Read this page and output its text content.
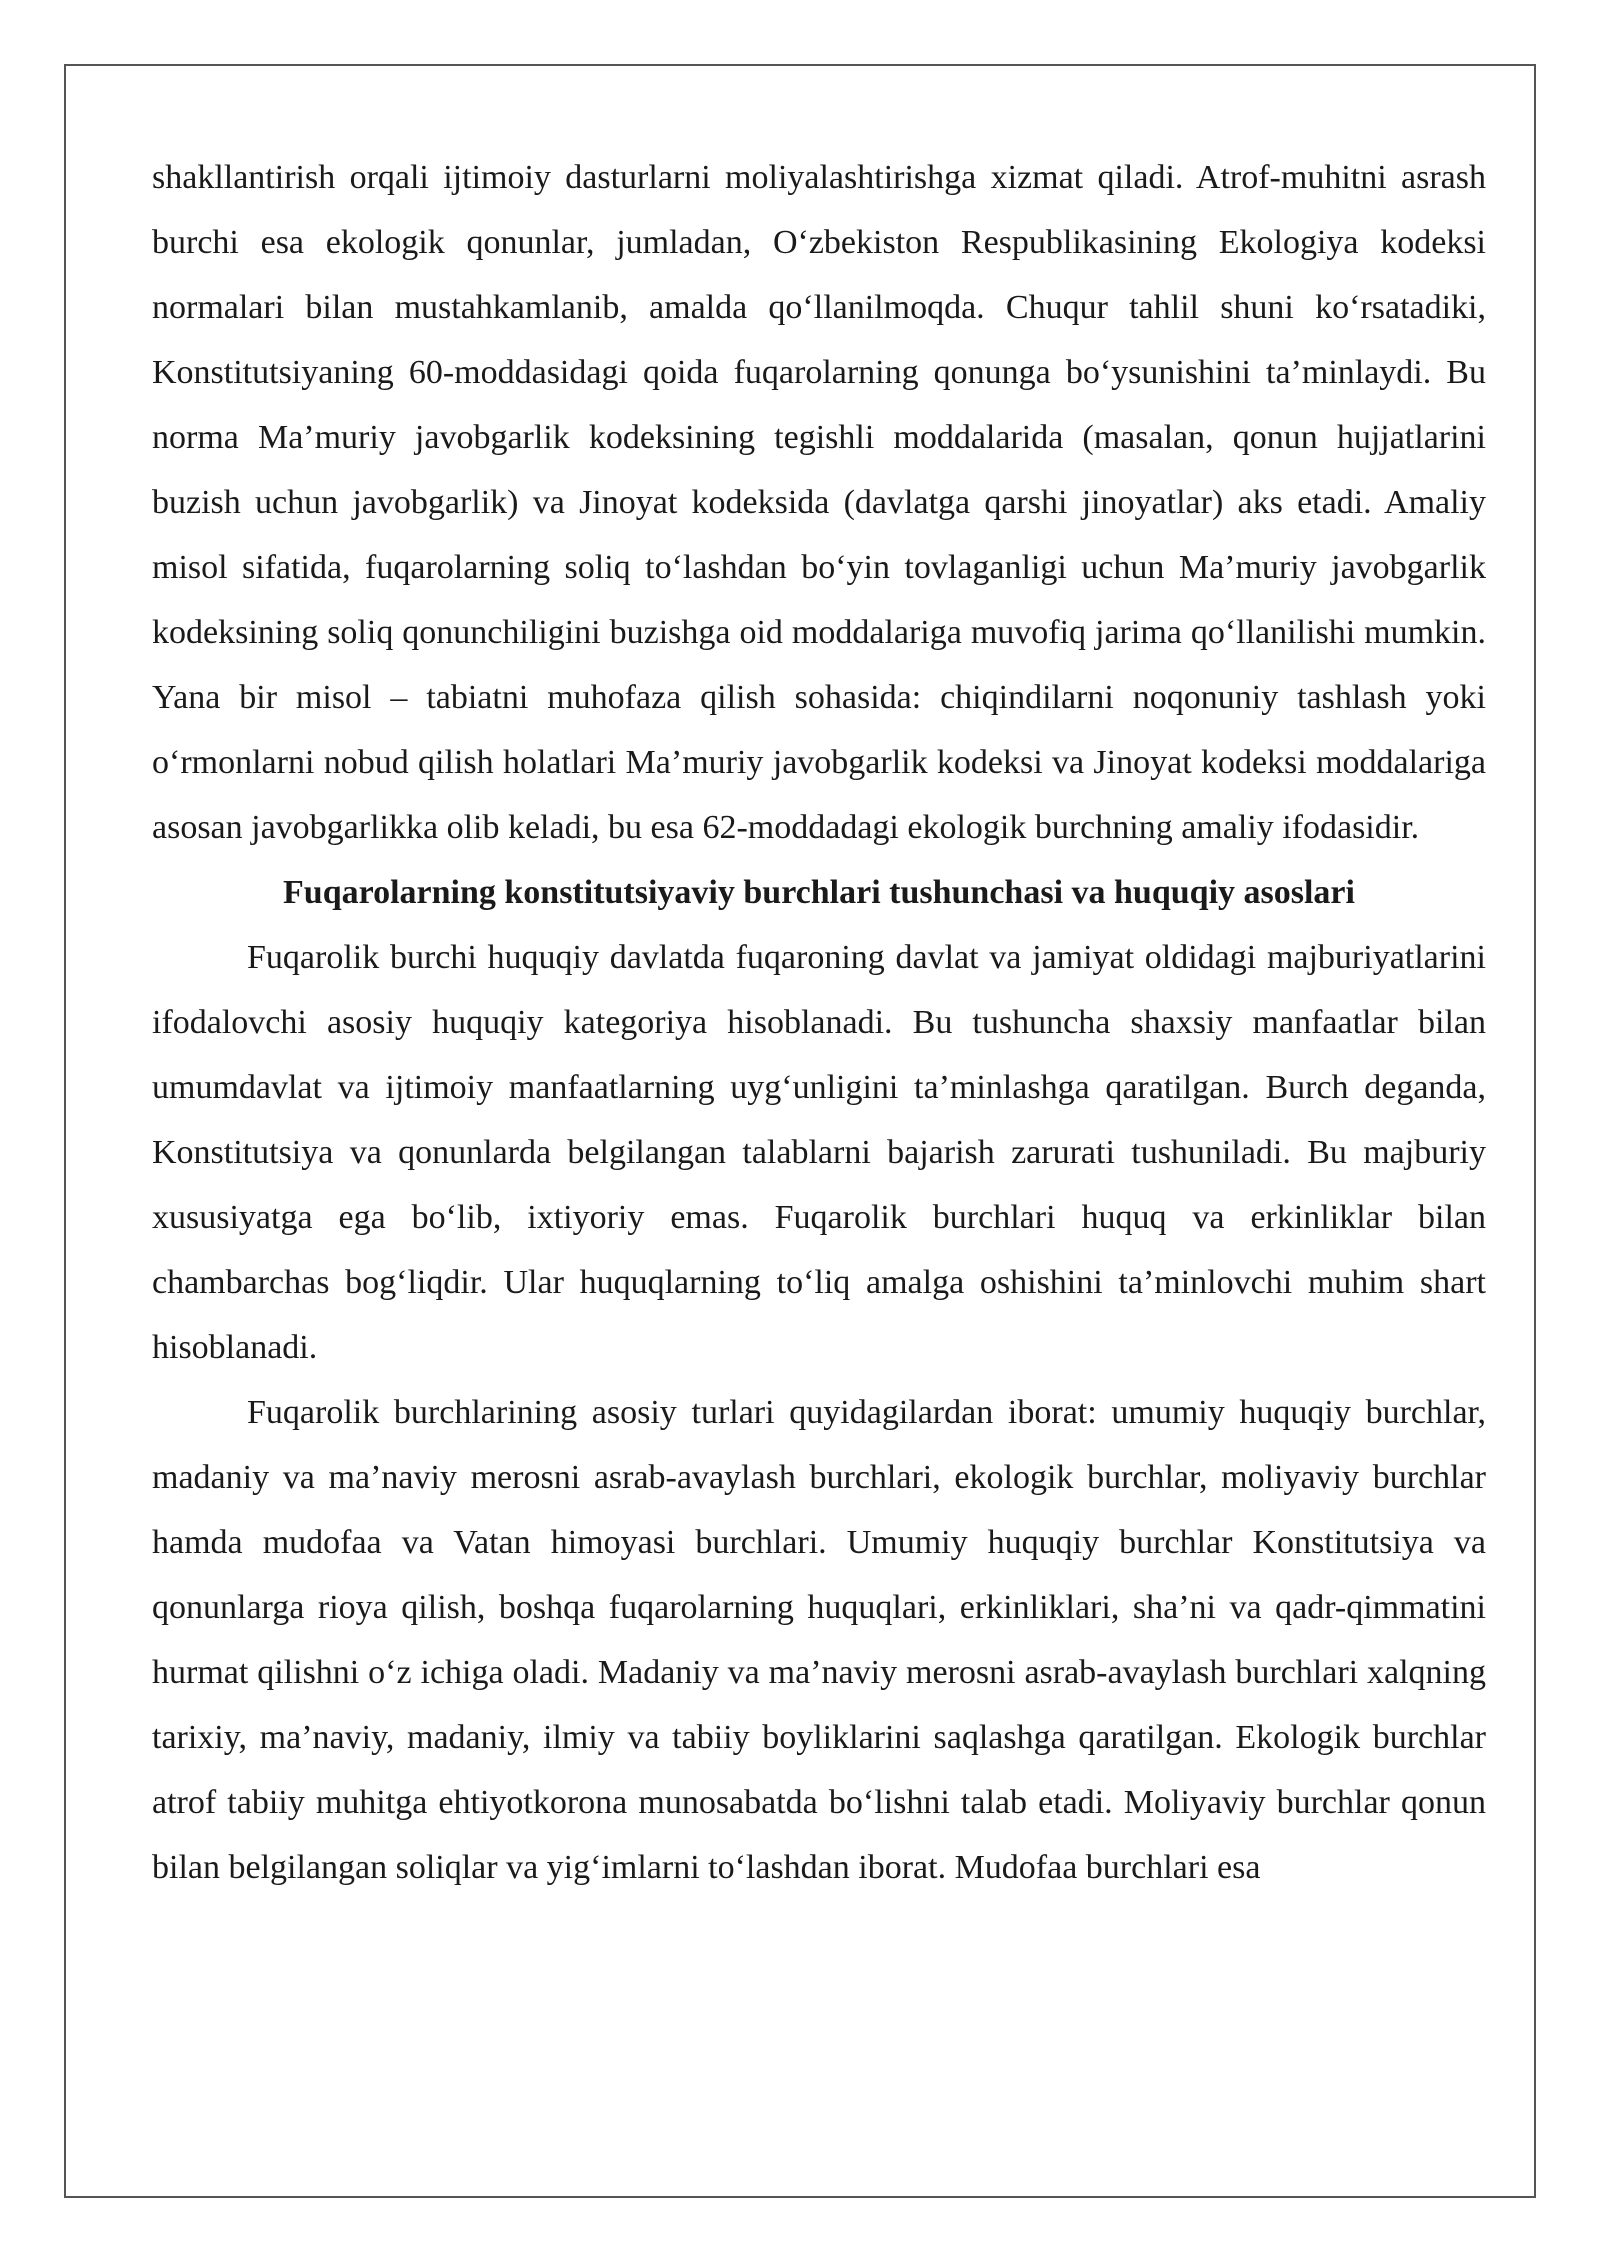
shakllantirish orqali ijtimoiy dasturlarni moliyalashtirishga xizmat qiladi. Atrof-muhitni asrash burchi esa ekologik qonunlar, jumladan, O‘zbekiston Respublikasining Ekologiya kodeksi normalari bilan mustahkamlanib, amalda qo‘llanilmoqda. Chuqur tahlil shuni ko‘rsatadiki, Konstitutsiyaning 60-moddasidagi qoida fuqarolarning qonunga bo‘ysunishini ta’minlaydi. Bu norma Ma’muriy javobgarlik kodeksining tegishli moddalarida (masalan, qonun hujjatlarini buzish uchun javobgarlik) va Jinoyat kodeksida (davlatga qarshi jinoyatlar) aks etadi. Amaliy misol sifatida, fuqarolarning soliq to‘lashdan bo‘yin tovlaganligi uchun Ma’muriy javobgarlik kodeksining soliq qonunchiligini buzishga oid moddalariga muvofiq jarima qo‘llanilishi mumkin. Yana bir misol – tabiatni muhofaza qilish sohasida: chiqindilarni noqonuniy tashlash yoki o‘rmonlarni nobud qilish holatlari Ma’muriy javobgarlik kodeksi va Jinoyat kodeksi moddalariga asosan javobgarlikka olib keladi, bu esa 62-moddadagi ekologik burchning amaliy ifodasidir.

Fuqarolarning konstitutsiyaviy burchlari tushunchasi va huquqiy asoslari

Fuqarolik burchi huquqiy davlatda fuqaroning davlat va jamiyat oldidagi majburiyatlarini ifodalovchi asosiy huquqiy kategoriya hisoblanadi. Bu tushuncha shaxsiy manfaatlar bilan umumdavlat va ijtimoiy manfaatlarning uyg‘unligini ta’minlashga qaratilgan. Burch deganda, Konstitutsiya va qonunlarda belgilangan talablarni bajarish zarurati tushuniladi. Bu majburiy xususiyatga ega bo‘lib, ixtiyoriy emas. Fuqarolik burchlari huquq va erkinliklar bilan chambarchas bog‘liqdir. Ular huquqlarning to‘liq amalga oshishini ta’minlovchi muhim shart hisoblanadi.

Fuqarolik burchlarining asosiy turlari quyidagilardan iborat: umumiy huquqiy burchlar, madaniy va ma’naviy merosni asrab-avaylash burchlari, ekologik burchlar, moliyaviy burchlar hamda mudofaa va Vatan himoyasi burchlari. Umumiy huquqiy burchlar Konstitutsiya va qonunlarga rioya qilish, boshqa fuqarolarning huquqlari, erkinliklari, sha’ni va qadr-qimmatini hurmat qilishni o‘z ichiga oladi. Madaniy va ma’naviy merosni asrab-avaylash burchlari xalqning tarixiy, ma’naviy, madaniy, ilmiy va tabiiy boyliklarini saqlashga qaratilgan. Ekologik burchlar atrof tabiiy muhitga ehtiyotkorona munosabatda bo‘lishni talab etadi. Moliyaviy burchlar qonun bilan belgilangan soliqlar va yig‘imlarni to‘lashdan iborat. Mudofaa burchlari esa
